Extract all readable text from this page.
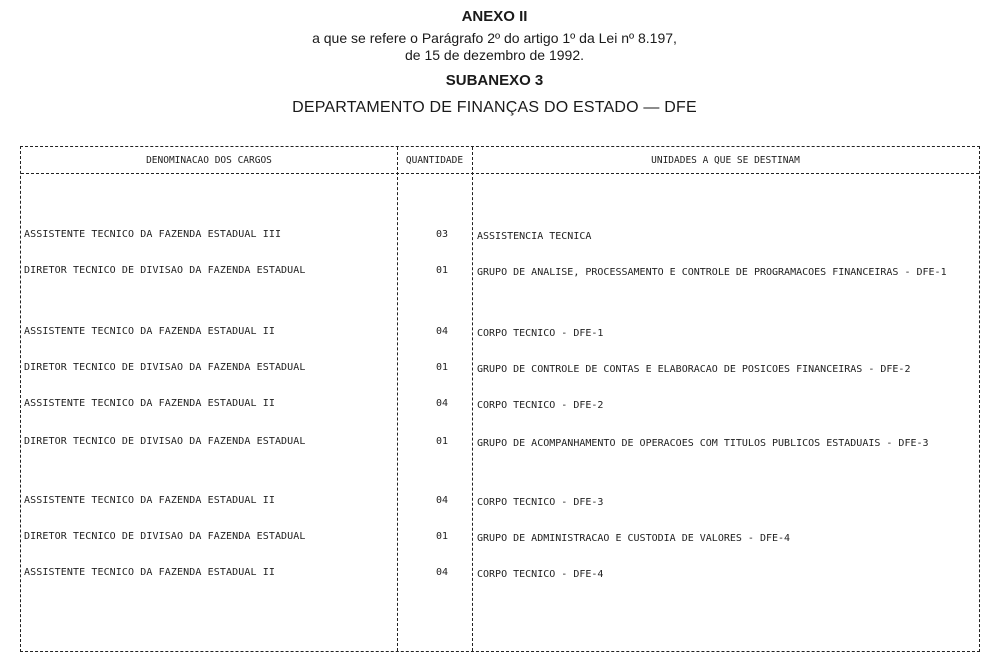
ANEXO II

a que se refere o Parágrafo 2º do artigo 1º da Lei nº 8.197,

de 15 de dezembro de 1992.

SUBANEXO 3

DEPARTAMENTO DE FINANÇAS DO ESTADO — DFE

DENOMINACAO DOS CARGOS	QUANTIDADE	UNIDADES A QUE SE DESTINAM
ASSISTENTE TECNICO DA FAZENDA ESTADUAL III	03	ASSISTENCIA TECNICA
DIRETOR TECNICO DE DIVISAO DA FAZENDA ESTADUAL	01	GRUPO DE ANALISE, PROCESSAMENTO E CONTROLE DE PROGRAMACOES FINANCEIRAS - DFE-1
ASSISTENTE TECNICO DA FAZENDA ESTADUAL II	04	CORPO TECNICO - DFE-1
DIRETOR TECNICO DE DIVISAO DA FAZENDA ESTADUAL	01	GRUPO DE CONTROLE DE CONTAS E ELABORACAO DE POSICOES FINANCEIRAS - DFE-2
ASSISTENTE TECNICO DA FAZENDA ESTADUAL II	04	CORPO TECNICO - DFE-2
DIRETOR TECNICO DE DIVISAO DA FAZENDA ESTADUAL	01	GRUPO DE ACOMPANHAMENTO DE OPERACOES COM TITULOS PUBLICOS ESTADUAIS - DFE-3
ASSISTENTE TECNICO DA FAZENDA ESTADUAL II	04	CORPO TECNICO - DFE-3
DIRETOR TECNICO DE DIVISAO DA FAZENDA ESTADUAL	01	GRUPO DE ADMINISTRACAO E CUSTODIA DE VALORES - DFE-4
ASSISTENTE TECNICO DA FAZENDA ESTADUAL II	04	CORPO TECNICO - DFE-4
